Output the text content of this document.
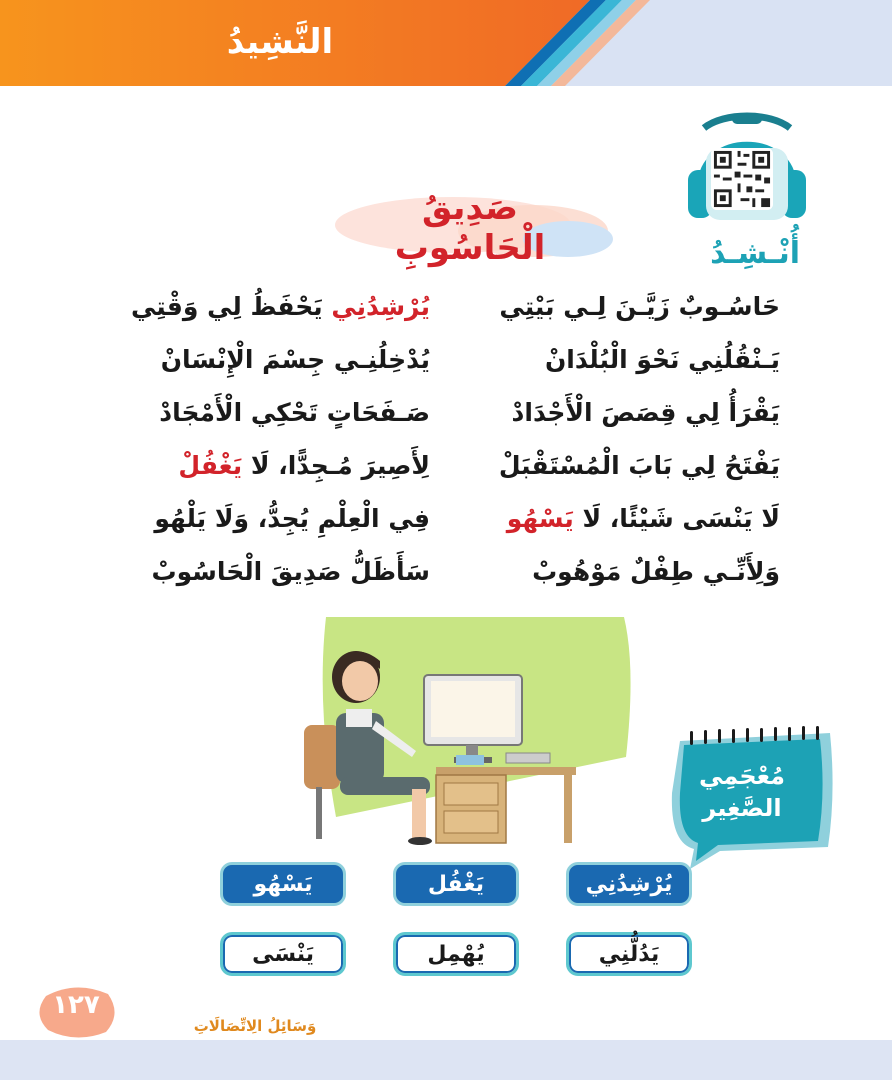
النَّشِيدُ
صَدِيقُ الْحَاسُوبِ	أُنْـشِـدُ
حَاسُـوبٌ زَيَّـنَ لِـي بَيْتِي
يُرْشِدُنِي يَحْفَظُ لِي وَقْتِي
يَـنْقُلُنِي نَحْوَ الْبُلْدَانْ
يُدْخِلُنِـي جِسْمَ الْإِنْسَانْ
يَقْرَأُ لِي قِصَصَ الْأَجْدَادْ
صَـفَحَاتٍ تَحْكِي الْأَمْجَادْ
يَفْتَحُ لِي بَابَ الْمُسْتَقْبَلْ
لِأَصِيرَ مُـجِدًّا، لَا يَغْفُلْ
لَا يَنْسَى شَيْئًا، لَا يَسْهُو
فِي الْعِلْمِ يُجِدُّ، وَلَا يَلْهُو
وَلِأَنِّـي طِفْلٌ مَوْهُوبْ
سَأَظَلُّ صَدِيقَ الْحَاسُوبْ
مُعْجَمِي
الصَّغِير
يُرْشِدُنِي
يَغْفُل
يَسْهُو
يَدُلُّنِي
يُهْمِل
يَنْسَى
١٢٧
وَسَائِلُ الِاتِّصَالَاتِ
